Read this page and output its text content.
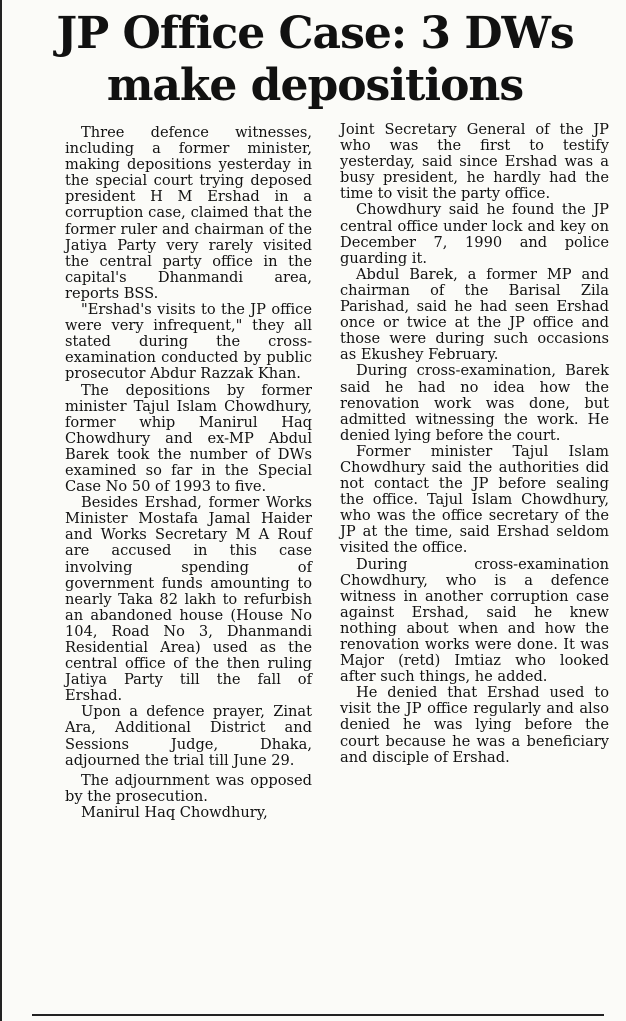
JP Office Case: 3 DWs
make depositions

Three defence witnesses, including a former minister, making depositions yesterday in the special court trying deposed president H M Ershad in a corruption case, claimed that the former ruler and chairman of the Jatiya Party very rarely visited the central party office in the capital's Dhanmandi area, reports BSS.

"Ershad's visits to the JP office were very infrequent," they all stated during the cross-examination conducted by public prosecutor Abdur Razzak Khan.

The depositions by former minister Tajul Islam Chowdhury, former whip Manirul Haq Chowdhury and ex-MP Abdul Barek took the number of DWs examined so far in the Special Case No 50 of 1993 to five.

Besides Ershad, former Works Minister Mostafa Jamal Haider and Works Secretary M A Rouf are accused in this case involving spending of government funds amounting to nearly Taka 82 lakh to refurbish an abandoned house (House No 104, Road No 3, Dhanmandi Residential Area) used as the central office of the then ruling Jatiya Party till the fall of Ershad.

Upon a defence prayer, Zinat Ara, Additional District and Sessions Judge, Dhaka, adjourned the trial till June 29.

The adjournment was opposed by the prosecution.

Manirul Haq Chowdhury,

Joint Secretary General of the JP who was the first to testify yesterday, said since Ershad was a busy president, he hardly had the time to visit the party office.

Chowdhury said he found the JP central office under lock and key on December 7, 1990 and police guarding it.

Abdul Barek, a former MP and chairman of the Barisal Zila Parishad, said he had seen Ershad once or twice at the JP office and those were during such occasions as Ekushey February.

During cross-examination, Barek said he had no idea how the renovation work was done, but admitted witnessing the work. He denied lying before the court.

Former minister Tajul Islam Chowdhury said the authorities did not contact the JP before sealing the office. Tajul Islam Chowdhury, who was the office secretary of the JP at the time, said Ershad seldom visited the office.

During cross-examination Chowdhury, who is a defence witness in another corruption case against Ershad, said he knew nothing about when and how the renovation works were done. It was Major (retd) Imtiaz who looked after such things, he added.

He denied that Ershad used to visit the JP office regularly and also denied he was lying before the court because he was a beneficiary and disciple of Ershad.
